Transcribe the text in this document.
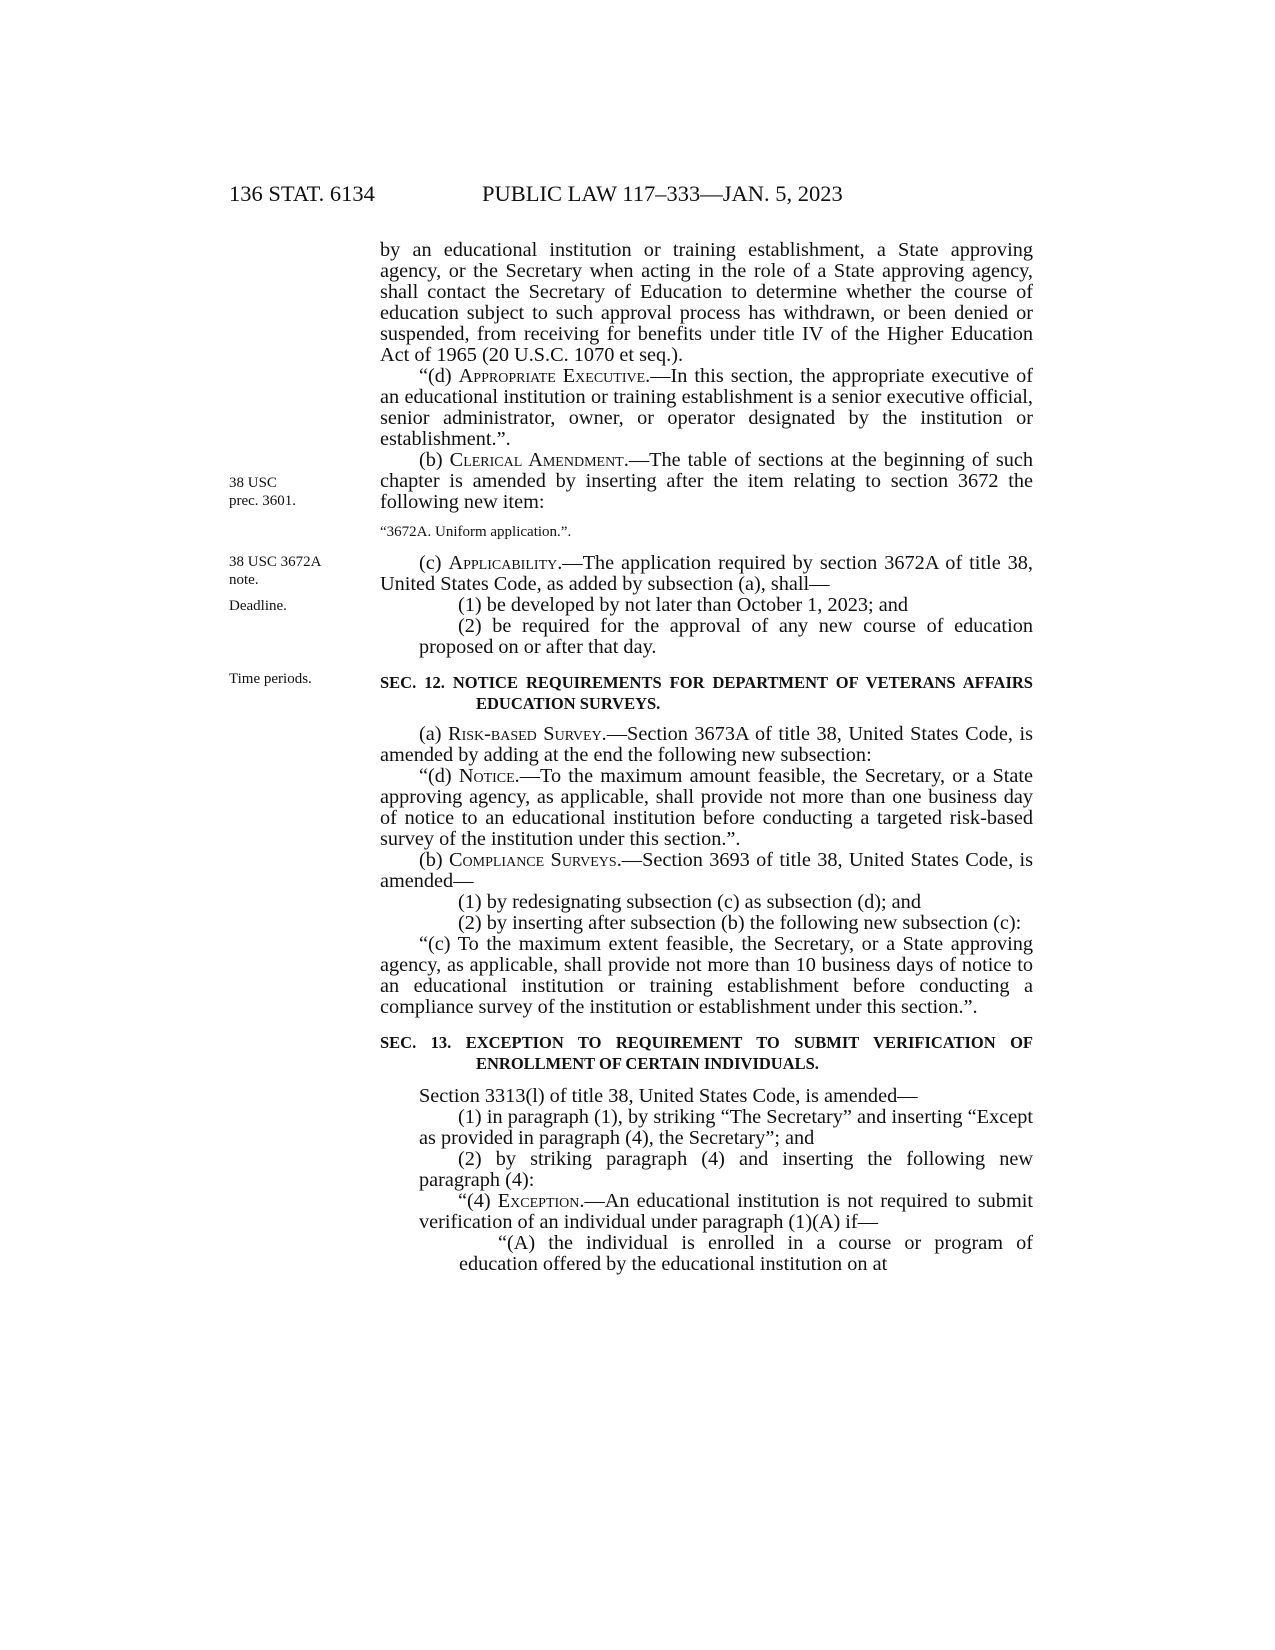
136 STAT. 6134	PUBLIC LAW 117–333—JAN. 5, 2023
38 USC
prec. 3601.
38 USC 3672A
note.
Deadline.
Time periods.

by an educational institution or training establishment, a State approving agency, or the Secretary when acting in the role of a State approving agency, shall contact the Secretary of Education to determine whether the course of education subject to such approval process has withdrawn, or been denied or suspended, from receiving for benefits under title IV of the Higher Education Act of 1965 (20 U.S.C. 1070 et seq.).

“(d) Appropriate Executive.—In this section, the appropriate executive of an educational institution or training establishment is a senior executive official, senior administrator, owner, or operator designated by the institution or establishment.”.

(b) Clerical Amendment.—The table of sections at the beginning of such chapter is amended by inserting after the item relating to section 3672 the following new item:

“3672A. Uniform application.”.

(c) Applicability.—The application required by section 3672A of title 38, United States Code, as added by subsection (a), shall—

(1) be developed by not later than October 1, 2023; and

(2) be required for the approval of any new course of education proposed on or after that day.

SEC. 12. NOTICE REQUIREMENTS FOR DEPARTMENT OF VETERANS AFFAIRS EDUCATION SURVEYS.

(a) Risk-based Survey.—Section 3673A of title 38, United States Code, is amended by adding at the end the following new subsection:

“(d) Notice.—To the maximum amount feasible, the Secretary, or a State approving agency, as applicable, shall provide not more than one business day of notice to an educational institution before conducting a targeted risk-based survey of the institution under this section.”.

(b) Compliance Surveys.—Section 3693 of title 38, United States Code, is amended—

(1) by redesignating subsection (c) as subsection (d); and

(2) by inserting after subsection (b) the following new subsection (c):

“(c) To the maximum extent feasible, the Secretary, or a State approving agency, as applicable, shall provide not more than 10 business days of notice to an educational institution or training establishment before conducting a compliance survey of the institution or establishment under this section.”.

SEC. 13. EXCEPTION TO REQUIREMENT TO SUBMIT VERIFICATION OF ENROLLMENT OF CERTAIN INDIVIDUALS.

Section 3313(l) of title 38, United States Code, is amended—

(1) in paragraph (1), by striking “The Secretary” and inserting “Except as provided in paragraph (4), the Secretary”; and

(2) by striking paragraph (4) and inserting the following new paragraph (4):

“(4) Exception.—An educational institution is not required to submit verification of an individual under paragraph (1)(A) if—

“(A) the individual is enrolled in a course or program of education offered by the educational institution on at
